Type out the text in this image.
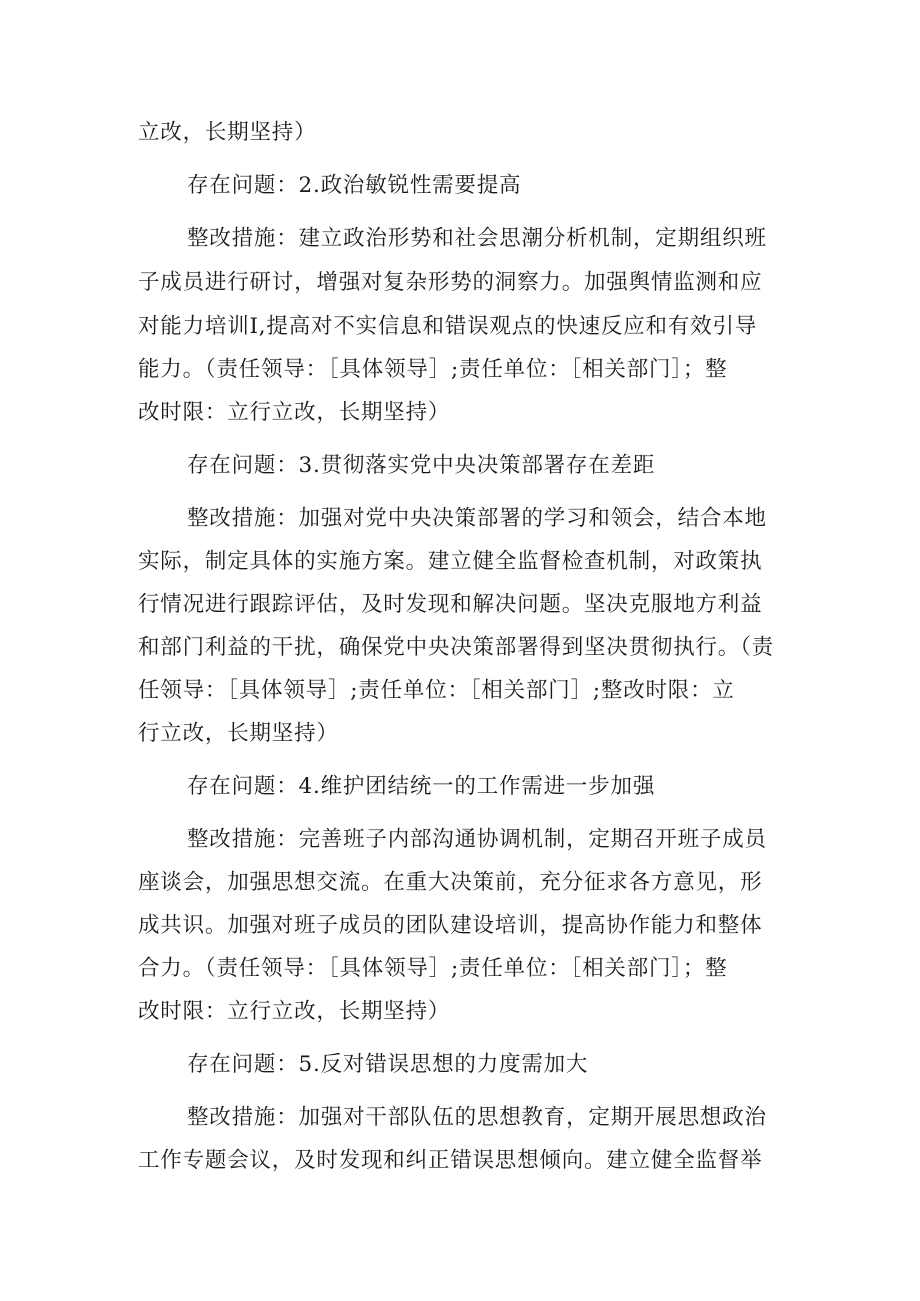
立改，长期坚持）
存在问题：2.政治敏锐性需要提高
整改措施：建立政治形势和社会思潮分析机制，定期组织班
子成员进行研讨，增强对复杂形势的洞察力。加强舆情监测和应
对能力培训I,提高对不实信息和错误观点的快速反应和有效引导
能力。（责任领导：［具体领导］;责任单位：［相关部门］；整
改时限：立行立改，长期坚持）
存在问题：3.贯彻落实党中央决策部署存在差距
整改措施：加强对党中央决策部署的学习和领会，结合本地
实际，制定具体的实施方案。建立健全监督检查机制，对政策执
行情况进行跟踪评估，及时发现和解决问题。坚决克服地方利益
和部门利益的干扰，确保党中央决策部署得到坚决贯彻执行。（责
任领导：［具体领导］;责任单位：［相关部门］;整改时限：立
行立改，长期坚持）
存在问题：4.维护团结统一的工作需进一步加强
整改措施：完善班子内部沟通协调机制，定期召开班子成员
座谈会，加强思想交流。在重大决策前，充分征求各方意见，形
成共识。加强对班子成员的团队建设培训，提高协作能力和整体
合力。（责任领导：［具体领导］;责任单位：［相关部门］；整
改时限：立行立改，长期坚持）
存在问题：5.反对错误思想的力度需加大
整改措施：加强对干部队伍的思想教育，定期开展思想政治
工作专题会议，及时发现和纠正错误思想倾向。建立健全监督举
